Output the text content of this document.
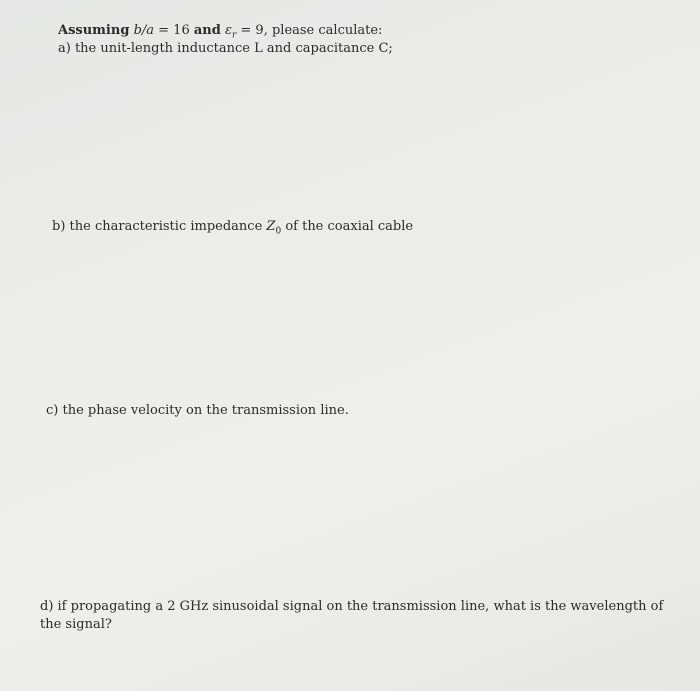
Assuming b/a = 16 and $\varepsilon_r = 9$, please calculate:
a) the unit-length inductance L and capacitance C;
b) the characteristic impedance $Z_0$ of the coaxial cable
c) the phase velocity on the transmission line.
d) if propagating a 2 GHz sinusoidal signal on the transmission line, what is the wavelength of the signal?
